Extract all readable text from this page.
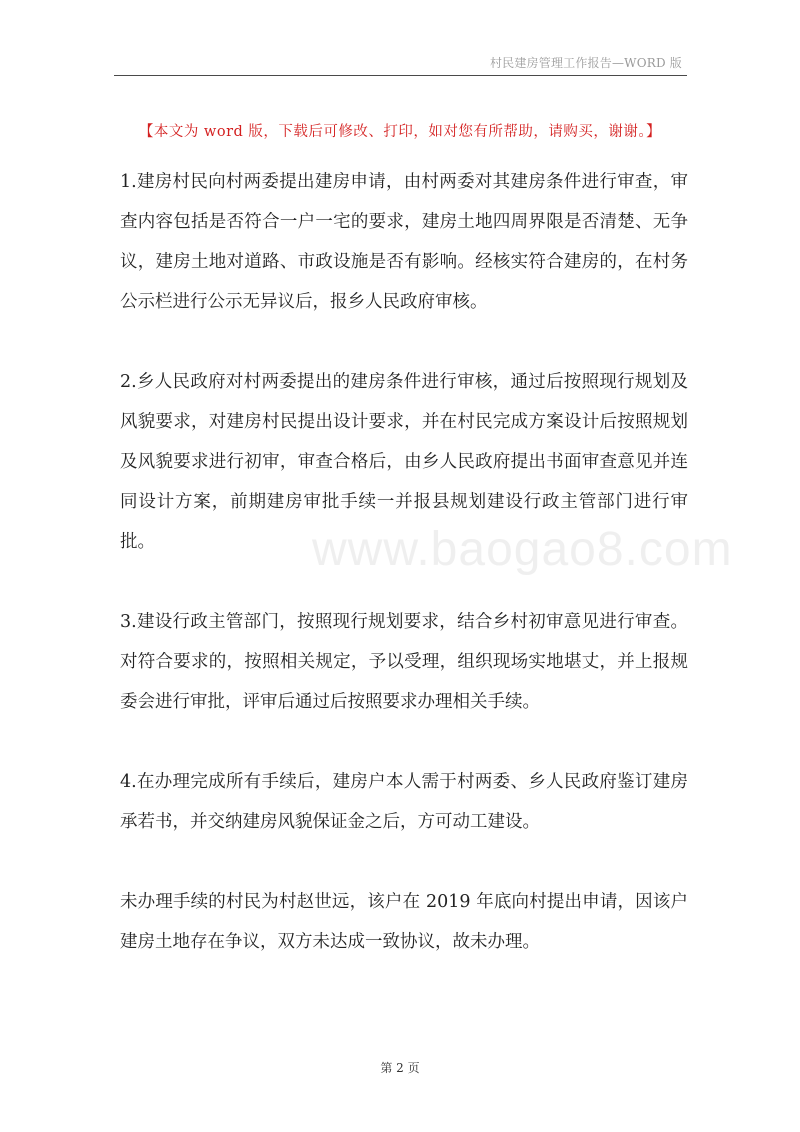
村民建房管理工作报告—WORD 版
【本文为 word 版，下载后可修改、打印，如对您有所帮助，请购买，谢谢。】

1.建房村民向村两委提出建房申请，由村两委对其建房条件进行审查，审查内容包括是否符合一户一宅的要求，建房土地四周界限是否清楚、无争议，建房土地对道路、市政设施是否有影响。经核实符合建房的，在村务公示栏进行公示无异议后，报乡人民政府审核。

2.乡人民政府对村两委提出的建房条件进行审核，通过后按照现行规划及风貌要求，对建房村民提出设计要求，并在村民完成方案设计后按照规划及风貌要求进行初审，审查合格后，由乡人民政府提出书面审查意见并连同设计方案，前期建房审批手续一并报县规划建设行政主管部门进行审批。

3.建设行政主管部门，按照现行规划要求，结合乡村初审意见进行审查。对符合要求的，按照相关规定，予以受理，组织现场实地堪丈，并上报规委会进行审批，评审后通过后按照要求办理相关手续。

4.在办理完成所有手续后，建房户本人需于村两委、乡人民政府鉴订建房承若书，并交纳建房风貌保证金之后，方可动工建设。

未办理手续的村民为村赵世远，该户在 2019 年底向村提出申请，因该户建房土地存在争议，双方未达成一致协议，故未办理。

www.baogao8.com
第 2 页
